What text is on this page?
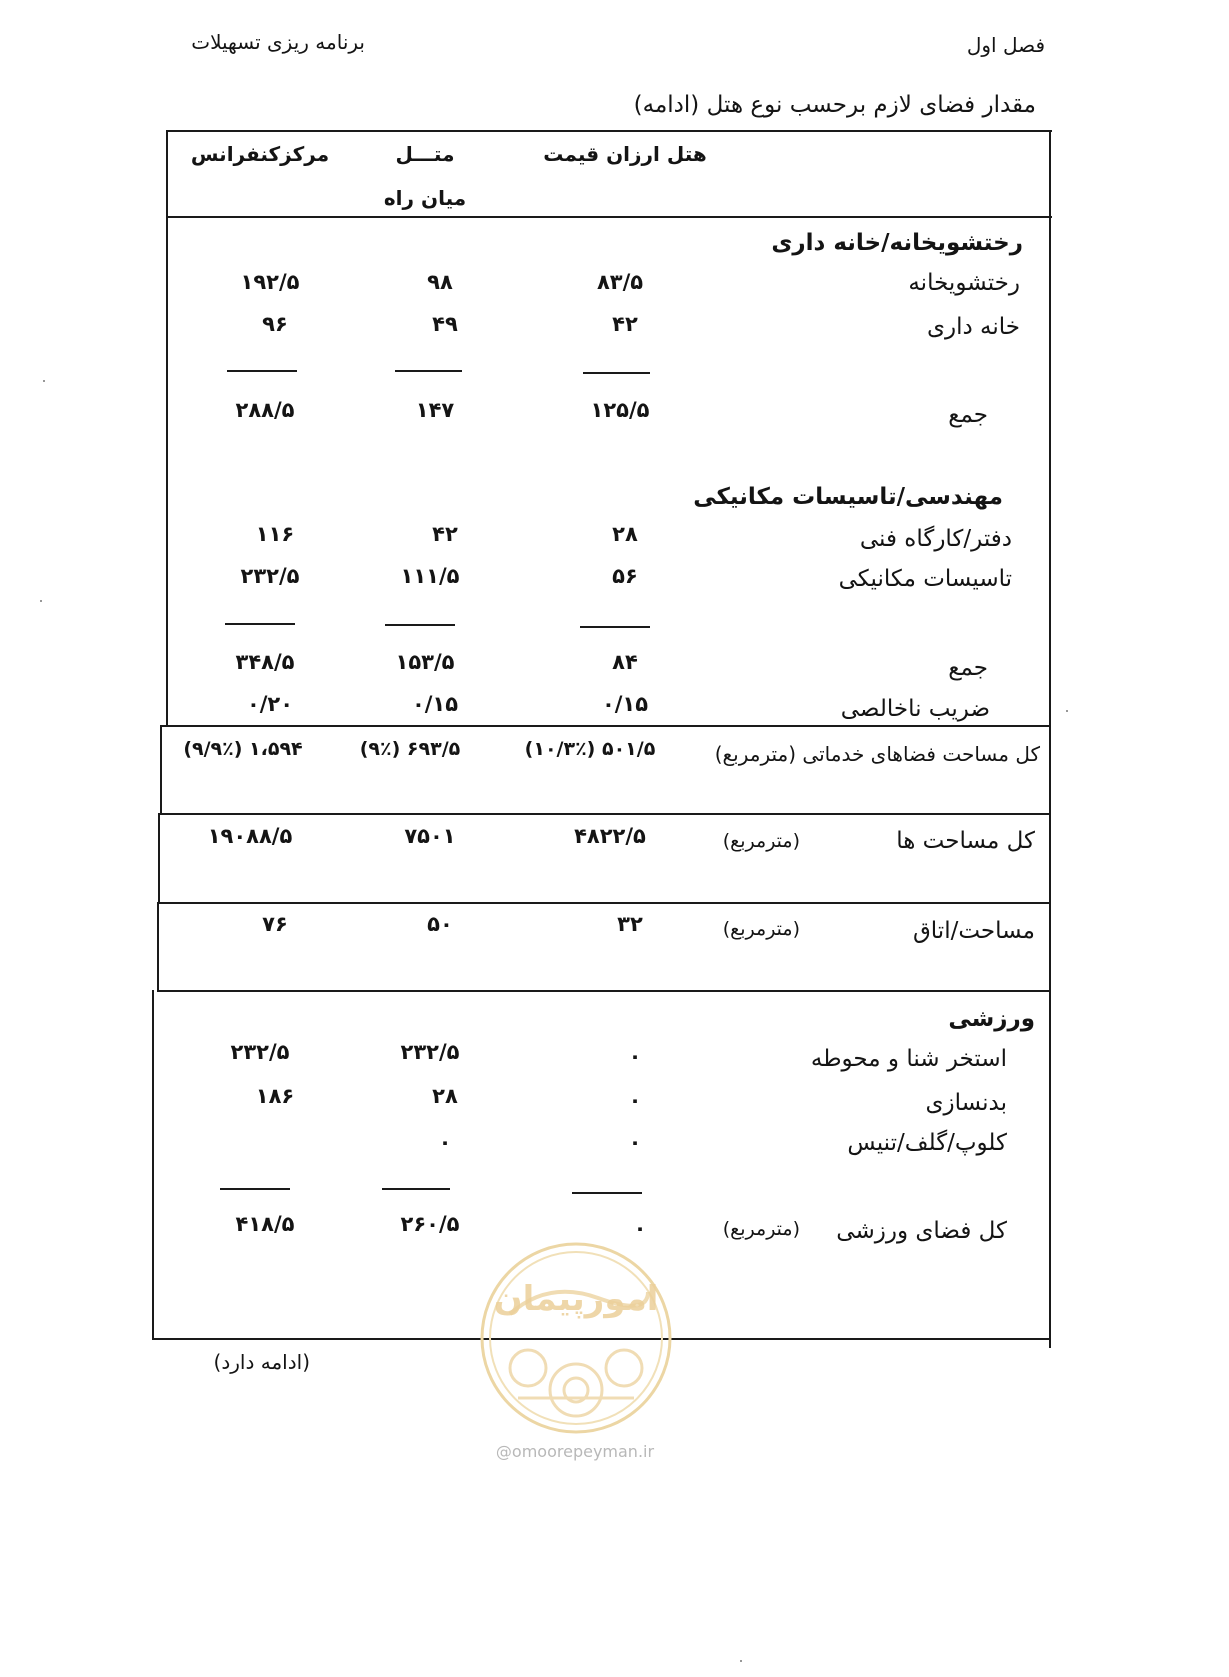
فصل اول
برنامه ریزی تسهیلات
مقدار فضای لازم برحسب نوع هتل (ادامه)
هتل ارزان قیمت
متـــل
میان راه
مرکزکنفرانس
رختشویخانه/خانه داری
رختشویخانه
۸۳/۵
۹۸
۱۹۲/۵
خانه داری
۴۲
۴۹
۹۶
جمع
۱۲۵/۵
۱۴۷
۲۸۸/۵
مهندسی/تاسیسات مکانیکی
دفتر/کارگاه فنی
۲۸
۴۲
۱۱۶
تاسیسات مکانیکی
۵۶
۱۱۱/۵
۲۳۲/۵
جمع
۸۴
۱۵۳/۵
۳۴۸/۵
ضریب ناخالصی
۰/۱۵
۰/۱۵
۰/۲۰
کل مساحت فضاهای خدماتی (مترمربع)
(۱۰/۳٪) ۵۰۱/۵
(۹٪) ۶۹۳/۵
(۹/۹٪) ۱،۵۹۴
کل مساحت ها
(مترمربع)
۴۸۲۲/۵
۷۵۰۱
۱۹۰۸۸/۵
مساحت/اتاق
(مترمربع)
۳۲
۵۰
۷۶
ورزشی
استخر شنا و محوطه
۰
۲۳۲/۵
۲۳۲/۵
بدنسازی
۰
۲۸
۱۸۶
کلوپ/گلف/تنیس
۰
۰
کل فضای ورزشی
(مترمربع)
۰
۲۶۰/۵
۴۱۸/۵
(ادامه دارد)
امورپیمان
@omoorepeyman.ir
